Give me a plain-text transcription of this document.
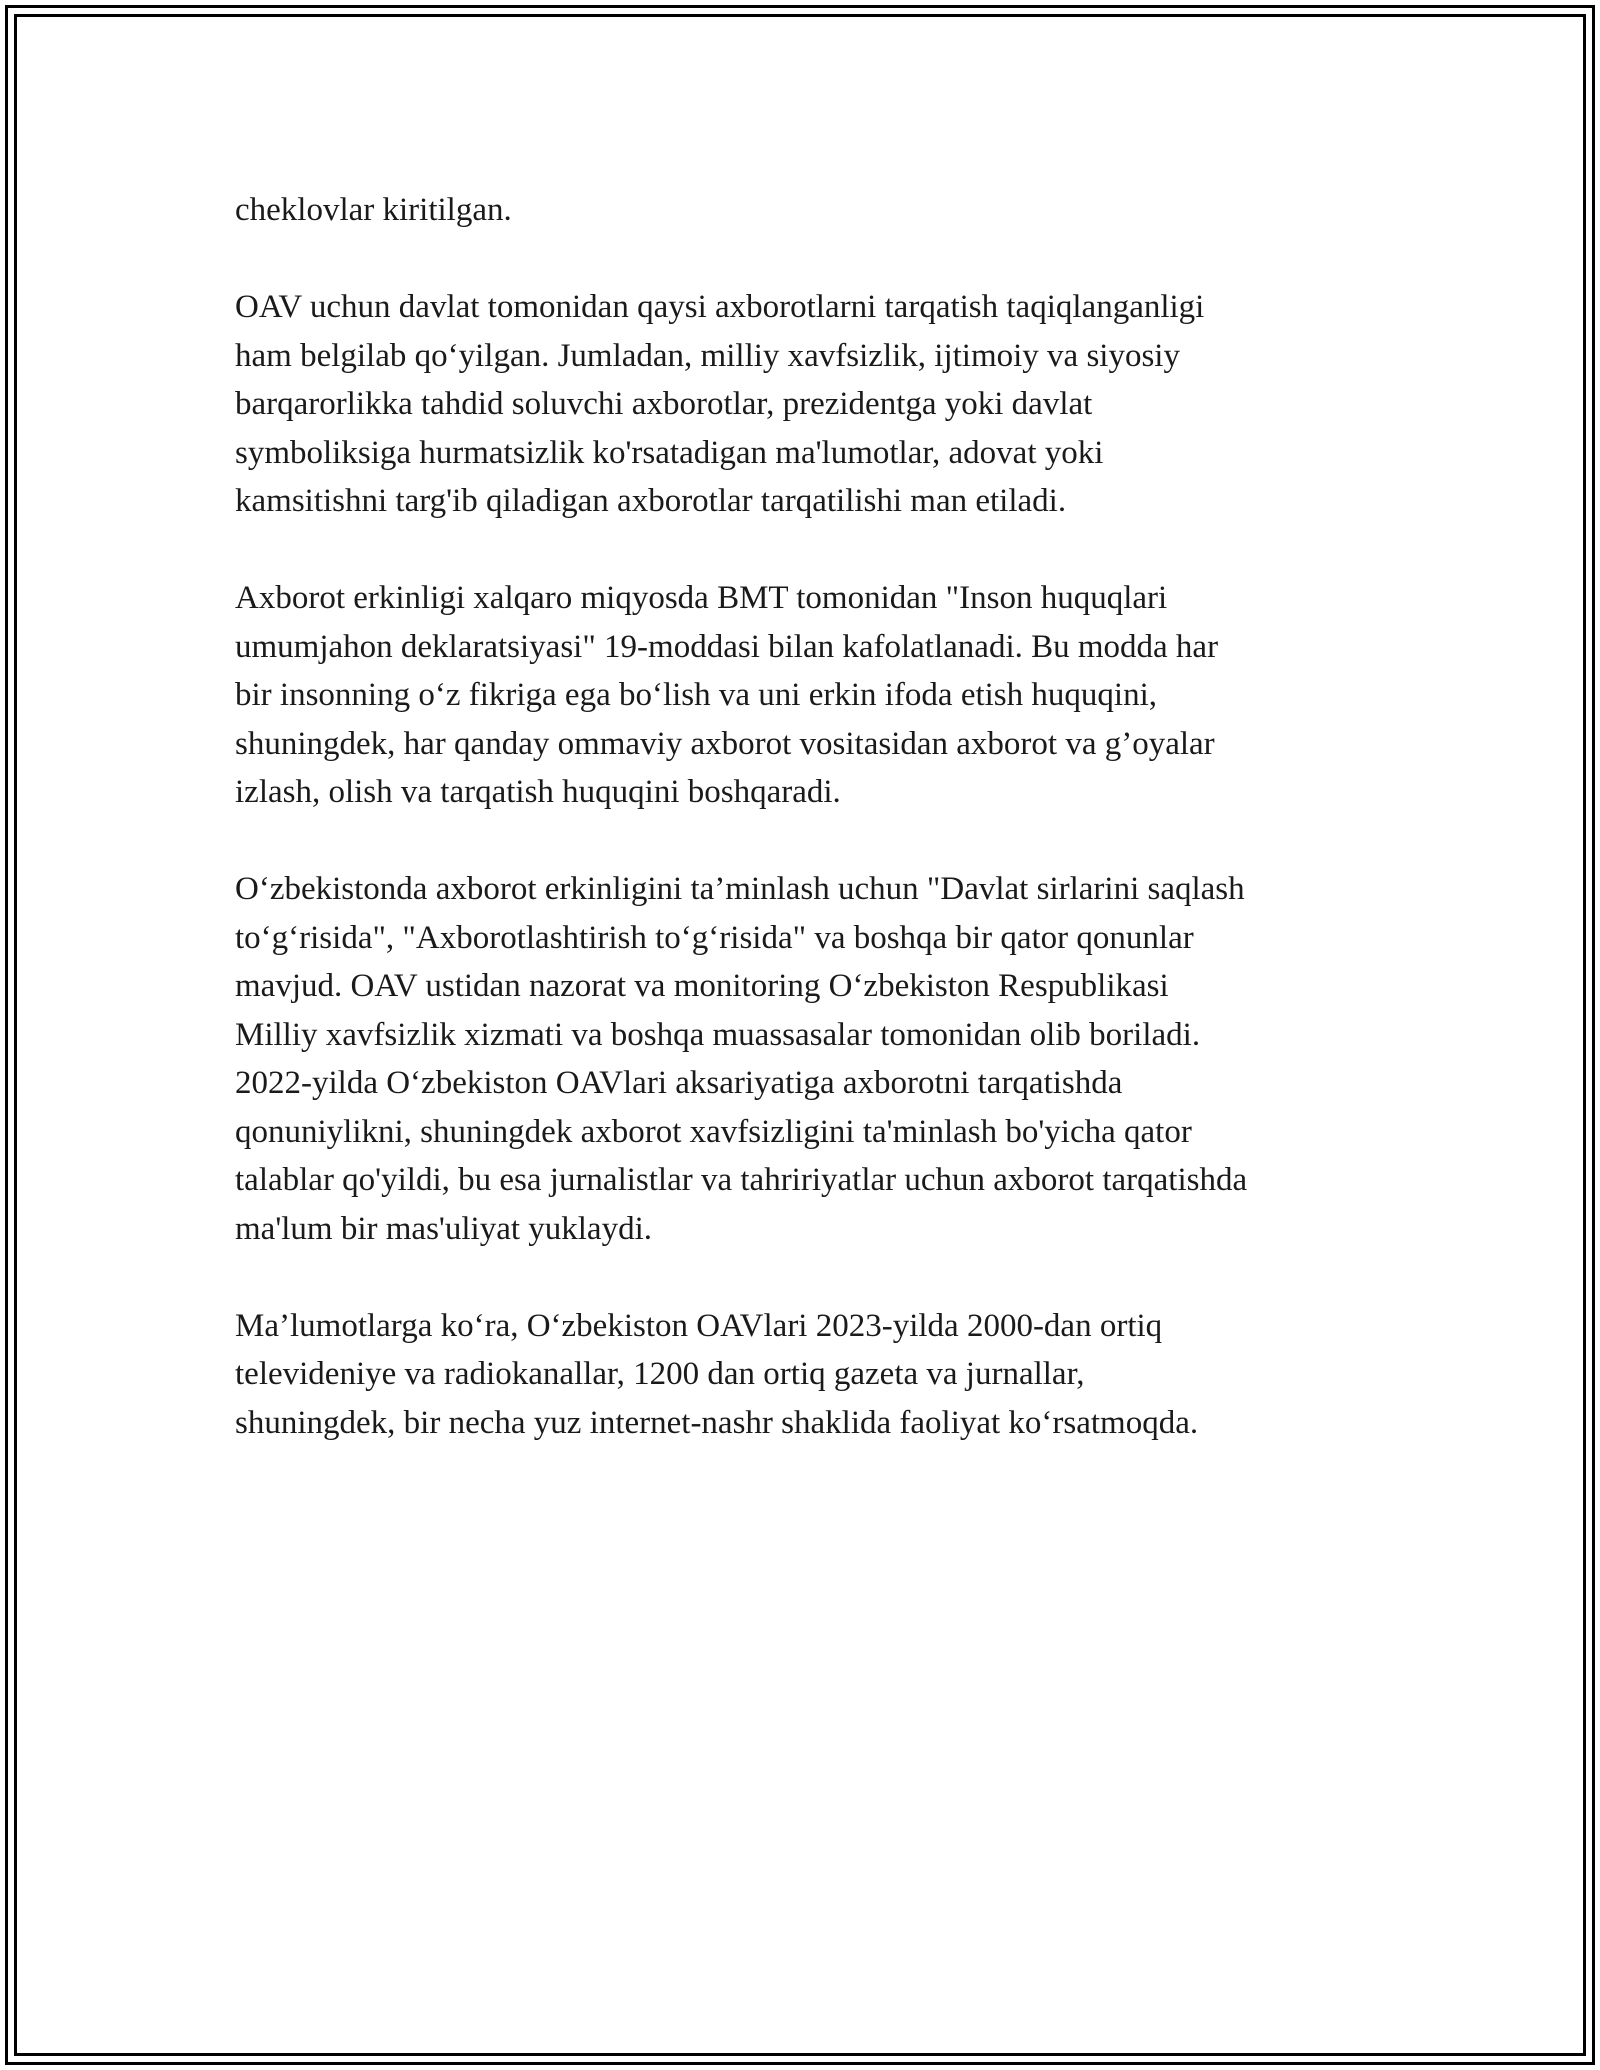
cheklovlar kiritilgan.

OAV uchun davlat tomonidan qaysi axborotlarni tarqatish taqiqlanganligi
ham belgilab qo‘yilgan. Jumladan, milliy xavfsizlik, ijtimoiy va siyosiy
barqarorlikka tahdid soluvchi axborotlar, prezidentga yoki davlat
symboliksiga hurmatsizlik ko'rsatadigan ma'lumotlar, adovat yoki
kamsitishni targ'ib qiladigan axborotlar tarqatilishi man etiladi.

Axborot erkinligi xalqaro miqyosda BMT tomonidan "Inson huquqlari
umumjahon deklaratsiyasi" 19-moddasi bilan kafolatlanadi. Bu modda har
bir insonning o‘z fikriga ega bo‘lish va uni erkin ifoda etish huquqini,
shuningdek, har qanday ommaviy axborot vositasidan axborot va g’oyalar
izlash, olish va tarqatish huquqini boshqaradi.

O‘zbekistonda axborot erkinligini ta’minlash uchun "Davlat sirlarini saqlash
to‘g‘risida", "Axborotlashtirish to‘g‘risida" va boshqa bir qator qonunlar
mavjud. OAV ustidan nazorat va monitoring O‘zbekiston Respublikasi
Milliy xavfsizlik xizmati va boshqa muassasalar tomonidan olib boriladi.
2022-yilda O‘zbekiston OAVlari aksariyatiga axborotni tarqatishda
qonuniylikni, shuningdek axborot xavfsizligini ta'minlash bo'yicha qator
talablar qo'yildi, bu esa jurnalistlar va tahririyatlar uchun axborot tarqatishda
ma'lum bir mas'uliyat yuklaydi.

Ma’lumotlarga ko‘ra, O‘zbekiston OAVlari 2023-yilda 2000-dan ortiq
televideniye va radiokanallar, 1200 dan ortiq gazeta va jurnallar,
shuningdek, bir necha yuz internet-nashr shaklida faoliyat ko‘rsatmoqda.
